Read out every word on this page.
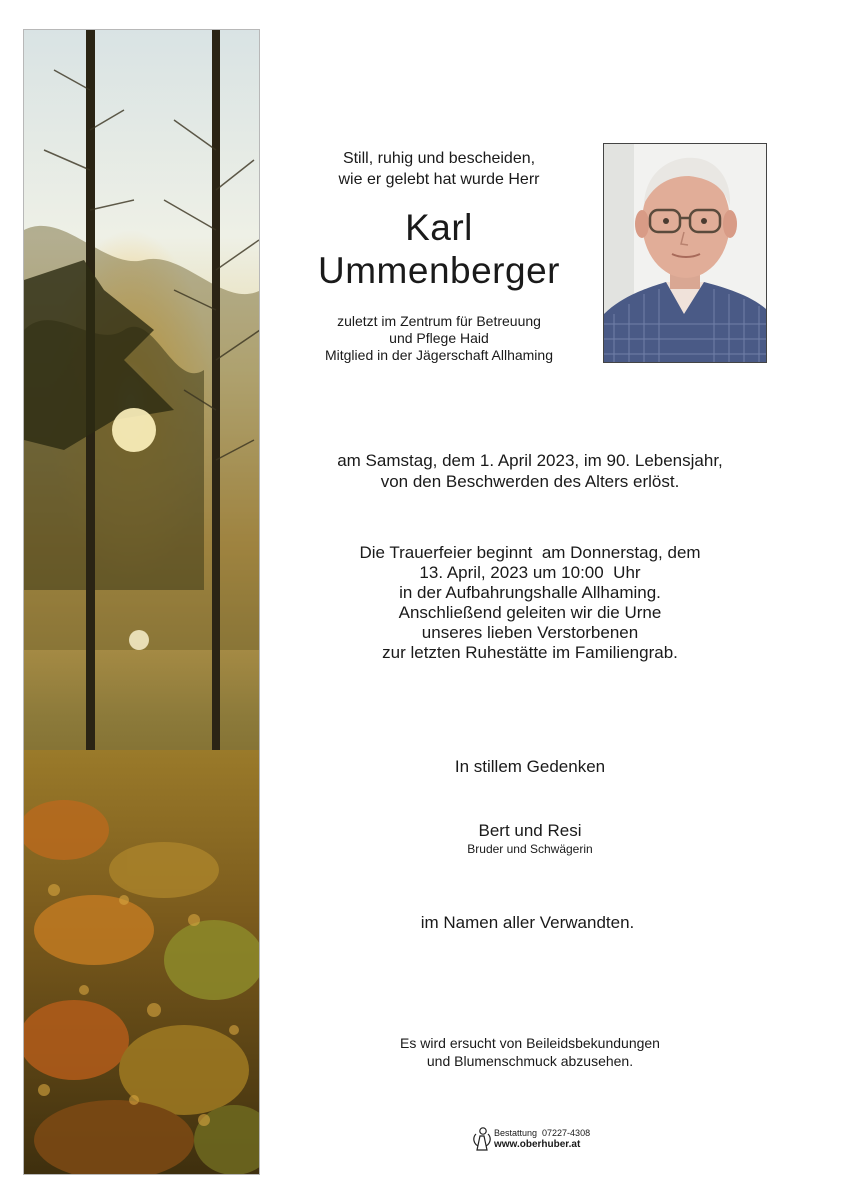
Still, ruhig und bescheiden,
wie er gelebt hat wurde Herr
Karl
Ummenberger
zuletzt im Zentrum für Betreuung
und Pflege Haid
Mitglied in der Jägerschaft Allhaming
am Samstag, dem 1. April 2023, im 90. Lebensjahr,
von den Beschwerden des Alters erlöst.
Die Trauerfeier beginnt  am Donnerstag, dem
13. April, 2023 um 10:00  Uhr
in der Aufbahrungshalle Allhaming.
Anschließend geleiten wir die Urne
unseres lieben Verstorbenen
zur letzten Ruhestätte im Familiengrab.
In stillem Gedenken
Bert und Resi
Bruder und Schwägerin
im Namen aller Verwandten.
Es wird ersucht von Beileidsbekundungen
und Blumenschmuck abzusehen.
Bestattung  07227-4308
www.oberhuber.at
